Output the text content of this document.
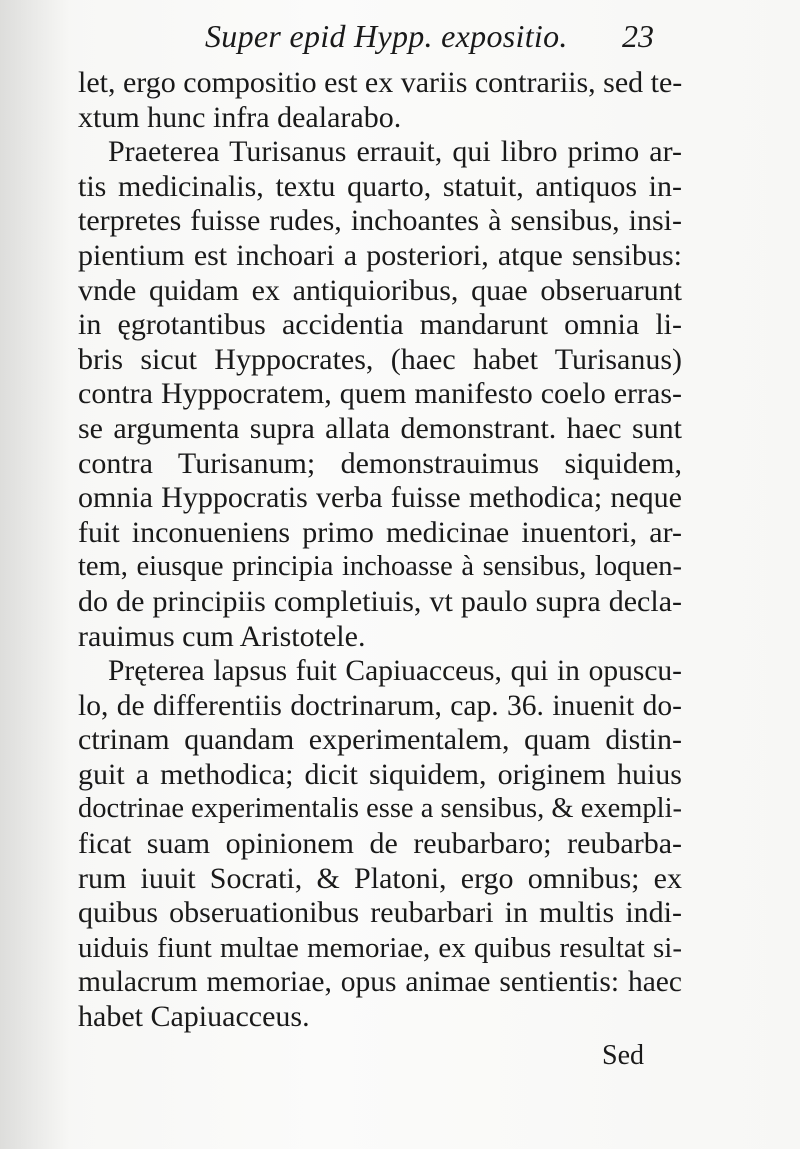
Super epid Hypp. expositio. 23
let, ergo compositio est ex variis contrariis, sed te-
xtum hunc infra dealarabo.
Praeterea Turisanus errauit, qui libro primo ar-
tis medicinalis, textu quarto, statuit, antiquos in-
terpretes fuisse rudes, inchoantes à sensibus, insi-
pientium est inchoari a posteriori, atque sensibus:
vnde quidam ex antiquioribus, quae obseruarunt
in ęgrotantibus accidentia mandarunt omnia li-
bris sicut Hyppocrates, (haec habet Turisanus)
contra Hyppocratem, quem manifesto coelo erras-
se argumenta supra allata demonstrant. haec sunt
contra Turisanum; demonstrauimus siquidem,
omnia Hyppocratis verba fuisse methodica; neque
fuit inconueniens primo medicinae inuentori, ar-
tem, eiusque principia inchoasse à sensibus, loquen-
do de principiis completiuis, vt paulo supra decla-
rauimus cum Aristotele.
Pręterea lapsus fuit Capiuacceus, qui in opuscu-
lo, de differentiis doctrinarum, cap. 36. inuenit do-
ctrinam quandam experimentalem, quam distin-
guit a methodica; dicit siquidem, originem huius
doctrinae experimentalis esse a sensibus, & exempli-
ficat suam opinionem de reubarbaro; reubarba-
rum iuuit Socrati, & Platoni, ergo omnibus; ex
quibus obseruationibus reubarbari in multis indi-
uiduis fiunt multae memoriae, ex quibus resultat si-
mulacrum memoriae, opus animae sentientis: haec
habet Capiuacceus.
Sed
